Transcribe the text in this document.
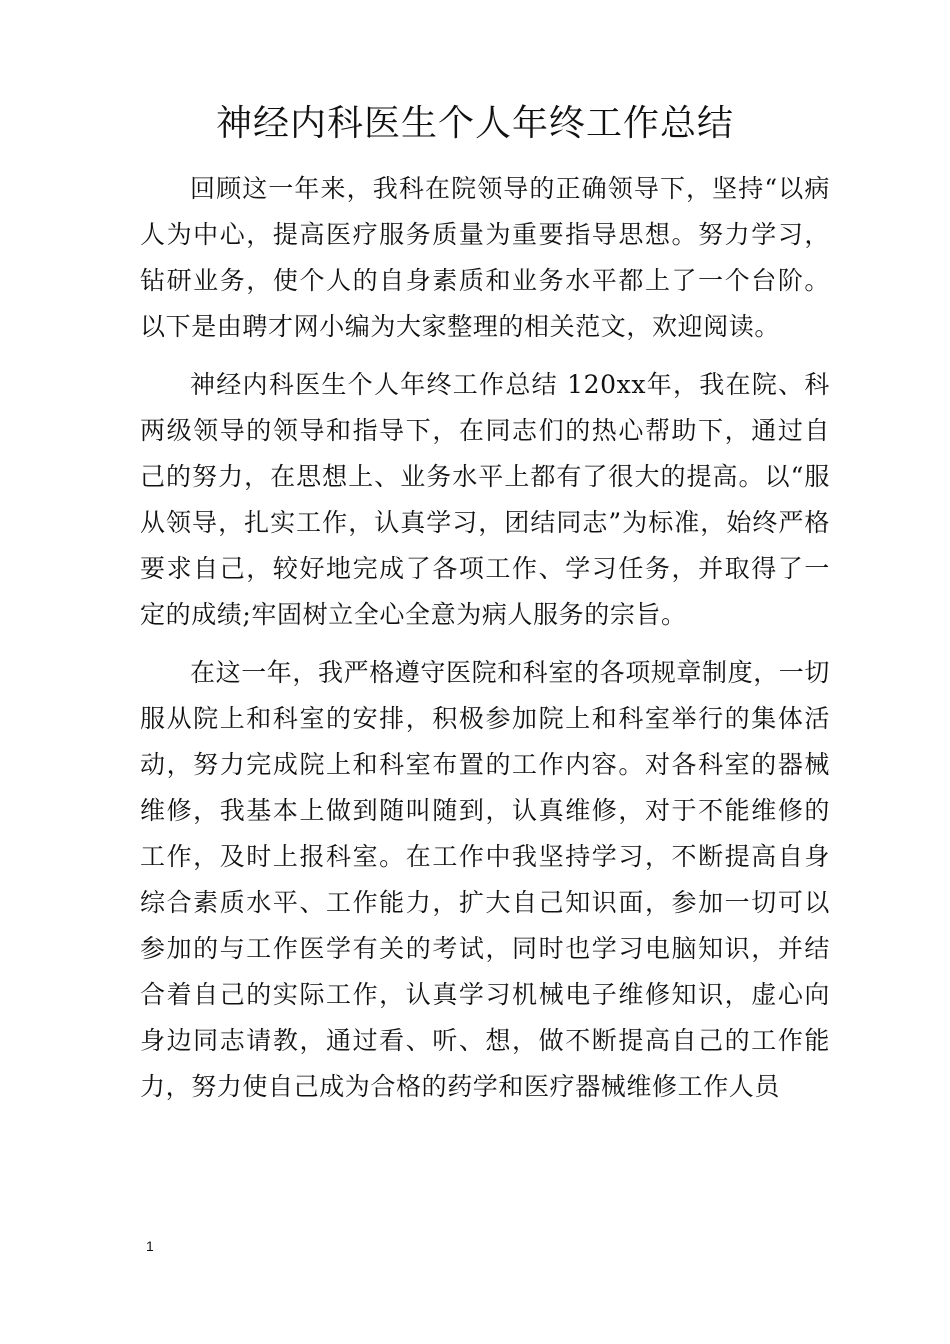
神经内科医生个人年终工作总结

回顾这一年来，我科在院领导的正确领导下，坚持“以病人为中心，提高医疗服务质量为重要指导思想。努力学习，钻研业务，使个人的自身素质和业务水平都上了一个台阶。以下是由聘才网小编为大家整理的相关范文，欢迎阅读。

神经内科医生个人年终工作总结 120xx年，我在院、科两级领导的领导和指导下，在同志们的热心帮助下，通过自己的努力，在思想上、业务水平上都有了很大的提高。以“服从领导，扎实工作，认真学习，团结同志”为标准，始终严格要求自己，较好地完成了各项工作、学习任务，并取得了一定的成绩;牢固树立全心全意为病人服务的宗旨。

在这一年，我严格遵守医院和科室的各项规章制度，一切服从院上和科室的安排，积极参加院上和科室举行的集体活动，努力完成院上和科室布置的工作内容。对各科室的器械维修，我基本上做到随叫随到，认真维修，对于不能维修的工作，及时上报科室。在工作中我坚持学习，不断提高自身综合素质水平、工作能力，扩大自己知识面，参加一切可以参加的与工作医学有关的考试，同时也学习电脑知识，并结合着自己的实际工作，认真学习机械电子维修知识，虚心向身边同志请教，通过看、听、想，做不断提高自己的工作能力，努力使自己成为合格的药学和医疗器械维修工作人员

1
